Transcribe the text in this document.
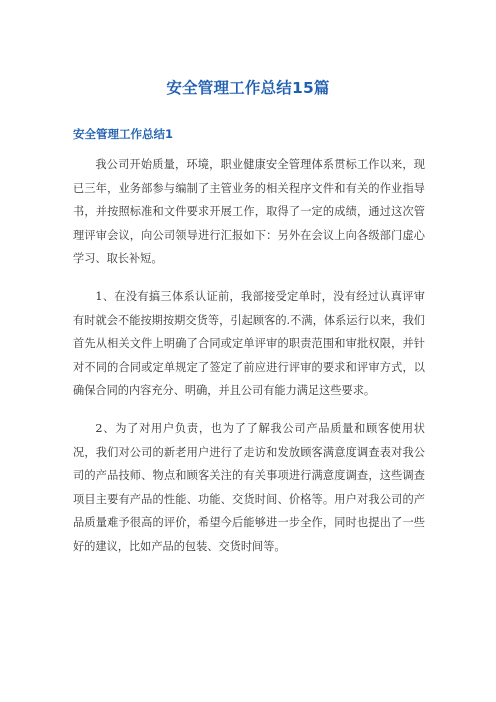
安全管理工作总结15篇
安全管理工作总结1

我公司开始质量，环境，职业健康安全管理体系贯标工作以来，现已三年，业务部参与编制了主管业务的相关程序文件和有关的作业指导书，并按照标准和文件要求开展工作，取得了一定的成绩，通过这次管理评审会议，向公司领导进行汇报如下：另外在会议上向各级部门虚心学习、取长补短。

1、在没有搞三体系认证前，我部接受定单时，没有经过认真评审有时就会不能按期按期交货等，引起顾客的.不满，体系运行以来，我们首先从相关文件上明确了合同或定单评审的职责范围和审批权限，并针对不同的合同或定单规定了签定了前应进行评审的要求和评审方式，以确保合同的内容充分、明确，并且公司有能力满足这些要求。

2、为了对用户负责，也为了了解我公司产品质量和顾客使用状况，我们对公司的新老用户进行了走访和发放顾客满意度调查表对我公司的产品技师、物点和顾客关注的有关事项进行满意度调查，这些调查项目主要有产品的性能、功能、交货时间、价格等。用户对我公司的产品质量难予很高的评价，希望今后能够进一步全作，同时也提出了一些好的建议，比如产品的包装、交货时间等。
